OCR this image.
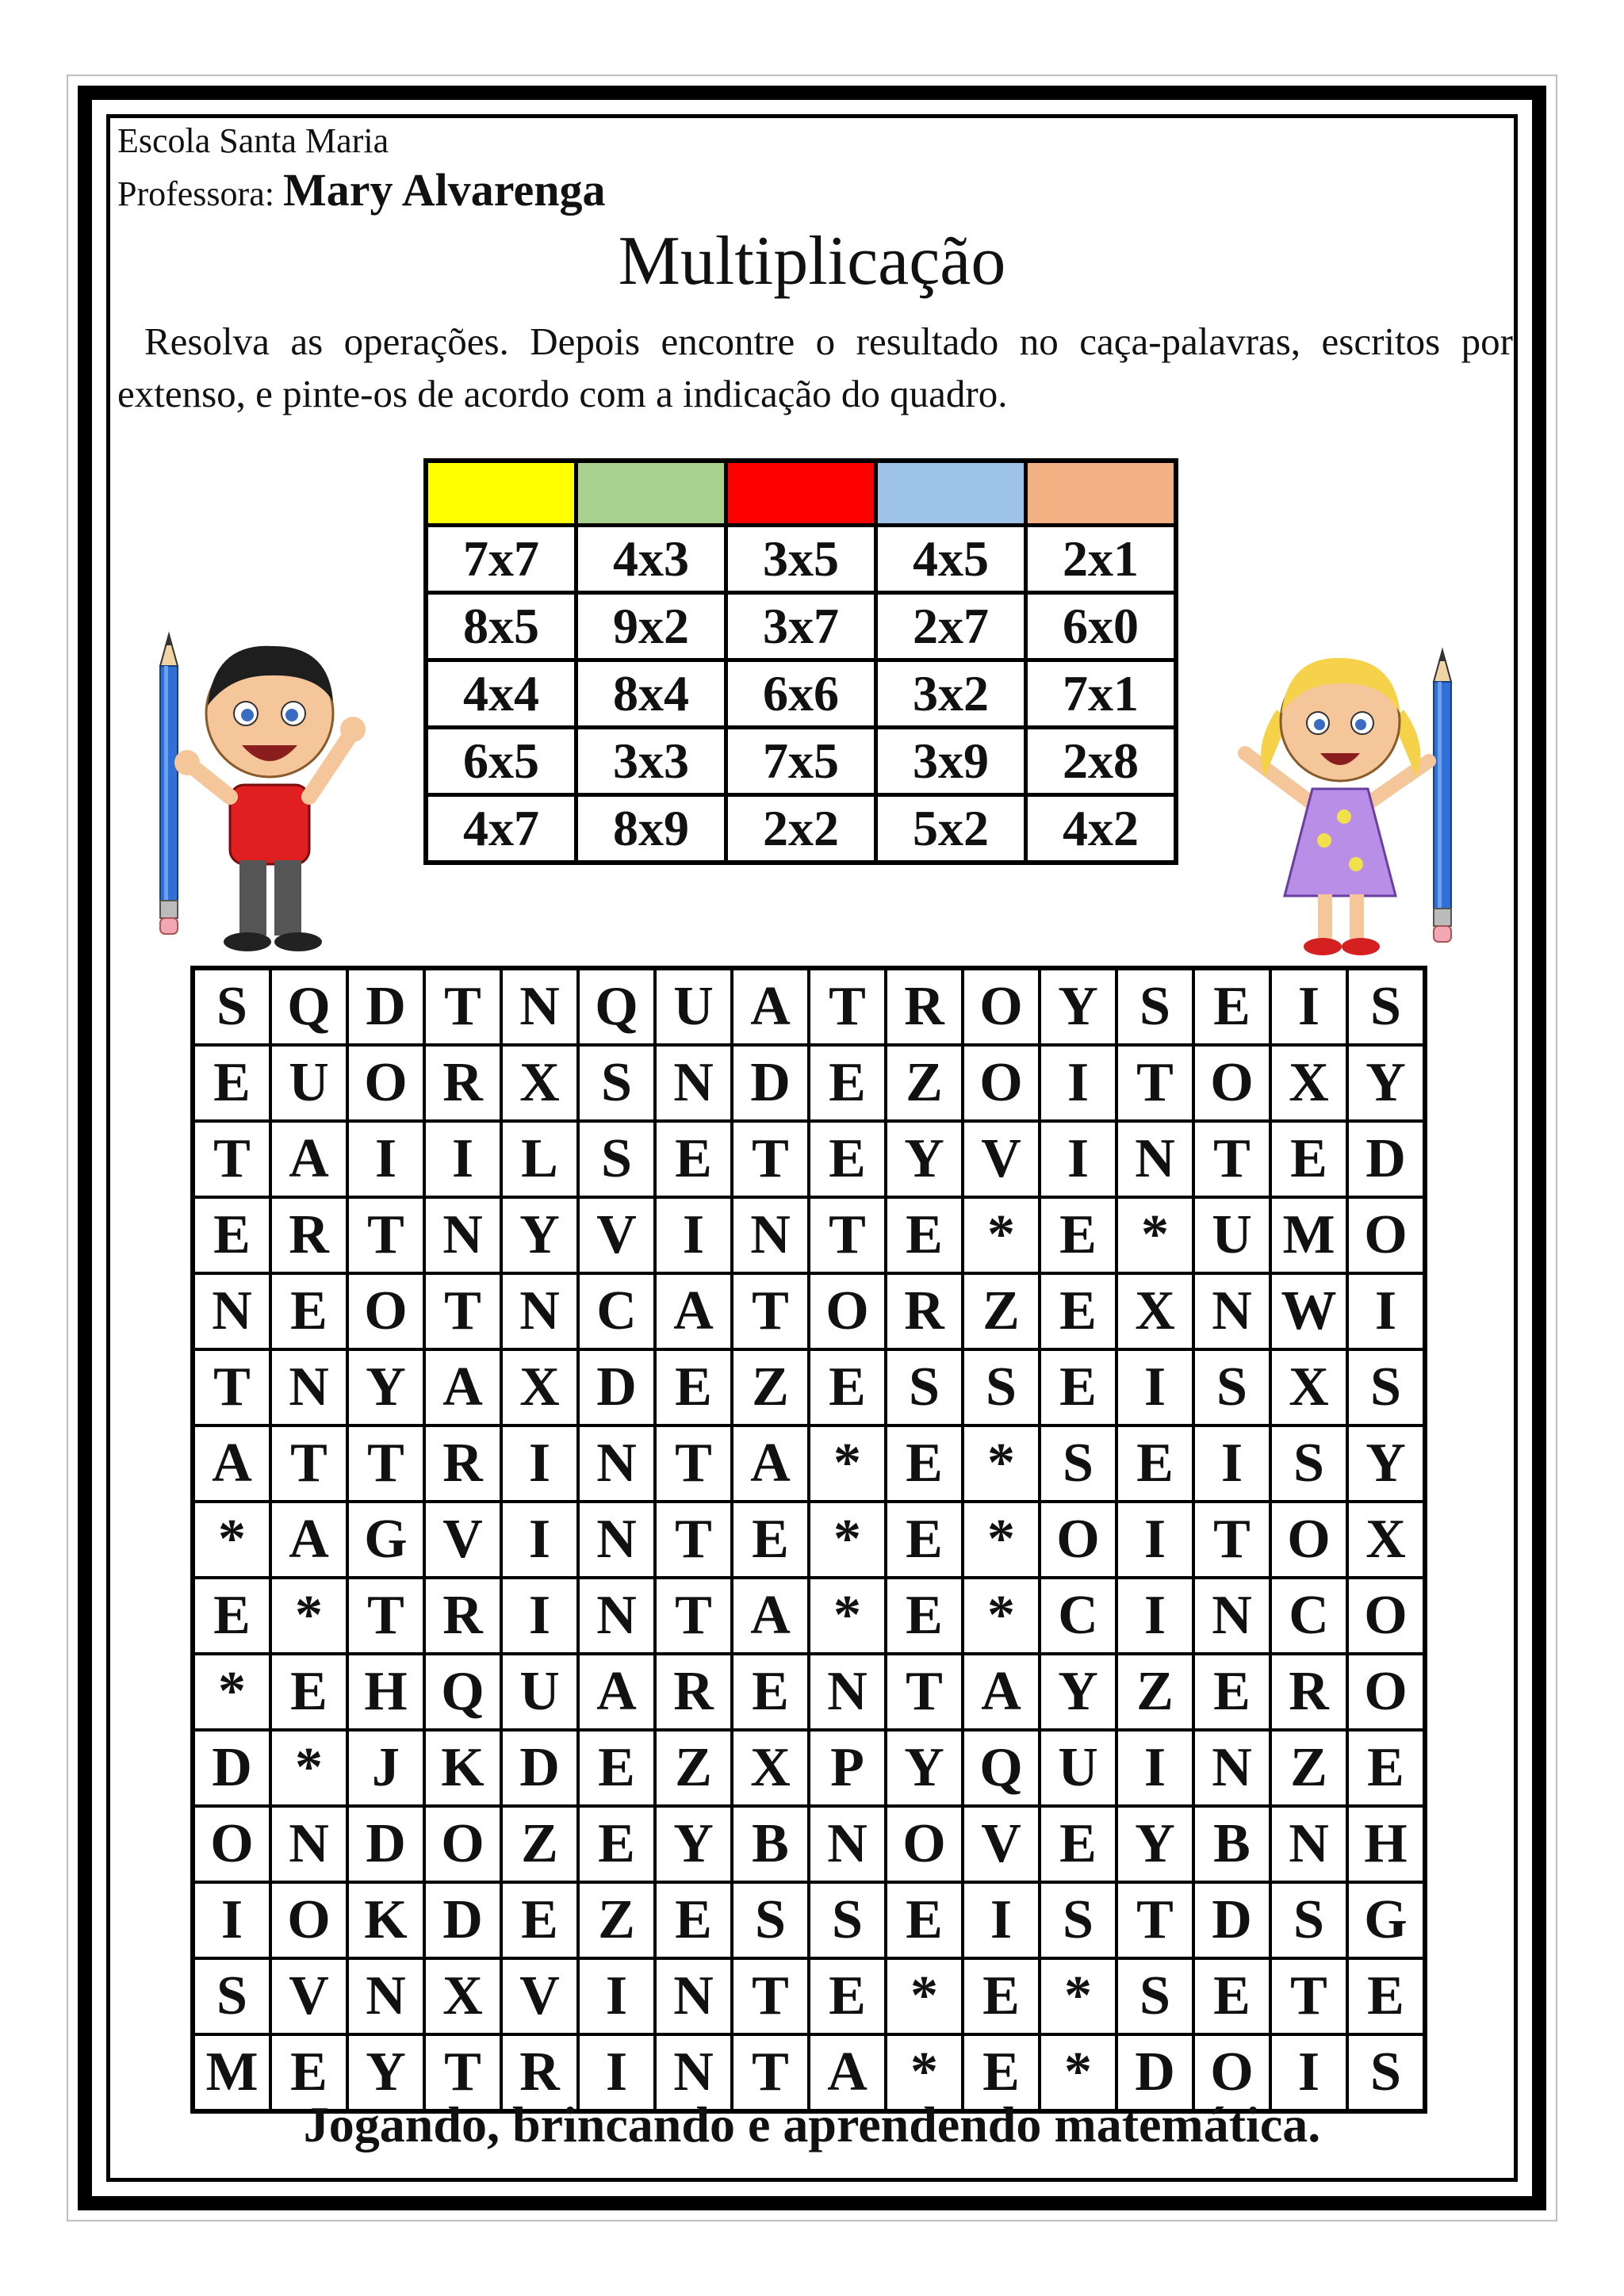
Escola Santa Maria
Professora: Mary Alvarenga
Multiplicação
Resolva as operações. Depois encontre o resultado no caça-palavras, escritos por extenso, e pinte-os de acordo com a indicação do quadro.

7x7	4x3	3x5	4x5	2x1
8x5	9x2	3x7	2x7	6x0
4x4	8x4	6x6	3x2	7x1
6x5	3x3	7x5	3x9	2x8
4x7	8x9	2x2	5x2	4x2
S	Q	D	T	N	Q	U	A	T	R	O	Y	S	E	I	S
E	U	O	R	X	S	N	D	E	Z	O	I	T	O	X	Y
T	A	I	I	L	S	E	T	E	Y	V	I	N	T	E	D
E	R	T	N	Y	V	I	N	T	E	*	E	*	U	M	O
N	E	O	T	N	C	A	T	O	R	Z	E	X	N	W	I
T	N	Y	A	X	D	E	Z	E	S	S	E	I	S	X	S
A	T	T	R	I	N	T	A	*	E	*	S	E	I	S	Y
*	A	G	V	I	N	T	E	*	E	*	O	I	T	O	X
E	*	T	R	I	N	T	A	*	E	*	C	I	N	C	O
*	E	H	Q	U	A	R	E	N	T	A	Y	Z	E	R	O
D	*	J	K	D	E	Z	X	P	Y	Q	U	I	N	Z	E
O	N	D	O	Z	E	Y	B	N	O	V	E	Y	B	N	H
I	O	K	D	E	Z	E	S	S	E	I	S	T	D	S	G
S	V	N	X	V	I	N	T	E	*	E	*	S	E	T	E
M	E	Y	T	R	I	N	T	A	*	E	*	D	O	I	S
Jogando, brincando e aprendendo matemática.
